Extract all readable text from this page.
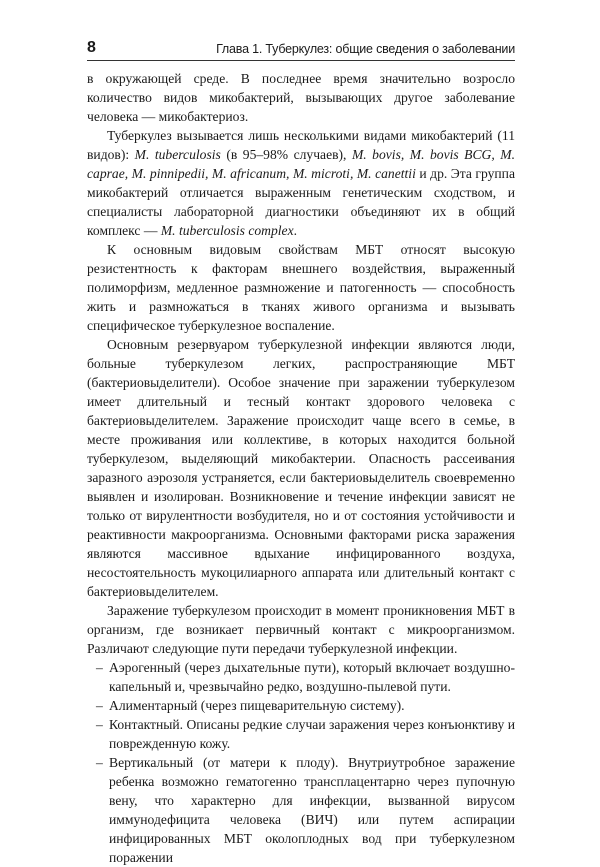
8	Глава 1. Туберкулез: общие сведения о заболевании

в окружающей среде. В последнее время значительно возросло количество видов микобактерий, вызывающих другое заболевание человека — микобактериоз.

Туберкулез вызывается лишь несколькими видами микобактерий (11 видов): M. tuberculosis (в 95–98% случаев), M. bovis, M. bovis BCG, M. caprae, M. pinnipedii, M. africanum, M. microti, M. canettii и др. Эта группа микобактерий отличается выраженным генетическим сходством, и специалисты лабораторной диагностики объединяют их в общий комплекс — M. tuberculosis complex.

К основным видовым свойствам МБТ относят высокую резистентность к факторам внешнего воздействия, выраженный полиморфизм, медленное размножение и патогенность — способность жить и размножаться в тканях живого организма и вызывать специфическое туберкулезное воспаление.

Основным резервуаром туберкулезной инфекции являются люди, больные туберкулезом легких, распространяющие МБТ (бактериовыделители). Особое значение при заражении туберкулезом имеет длительный и тесный контакт здорового человека с бактериовыделителем. Заражение происходит чаще всего в семье, в месте проживания или коллективе, в которых находится больной туберкулезом, выделяющий микобактерии. Опасность рассеивания заразного аэрозоля устраняется, если бактериовыделитель своевременно выявлен и изолирован. Возникновение и течение инфекции зависят не только от вирулентности возбудителя, но и от состояния устойчивости и реактивности макроорганизма. Основными факторами риска заражения являются массивное вдыхание инфицированного воздуха, несостоятельность мукоцилиарного аппарата или длительный контакт с бактериовыделителем.

Заражение туберкулезом происходит в момент проникновения МБТ в организм, где возникает первичный контакт с микроорганизмом. Различают следующие пути передачи туберкулезной инфекции.

– Аэрогенный (через дыхательные пути), который включает воздушно-капельный и, чрезвычайно редко, воздушно-пылевой пути.
– Алиментарный (через пищеварительную систему).
– Контактный. Описаны редкие случаи заражения через конъюнктиву и поврежденную кожу.
– Вертикальный (от матери к плоду). Внутриутробное заражение ребенка возможно гематогенно трансплацентарно через пупочную вену, что характерно для инфекции, вызванной вирусом иммунодефицита человека (ВИЧ) или путем аспирации инфицированных МБТ околоплодных вод при туберкулезном поражении
